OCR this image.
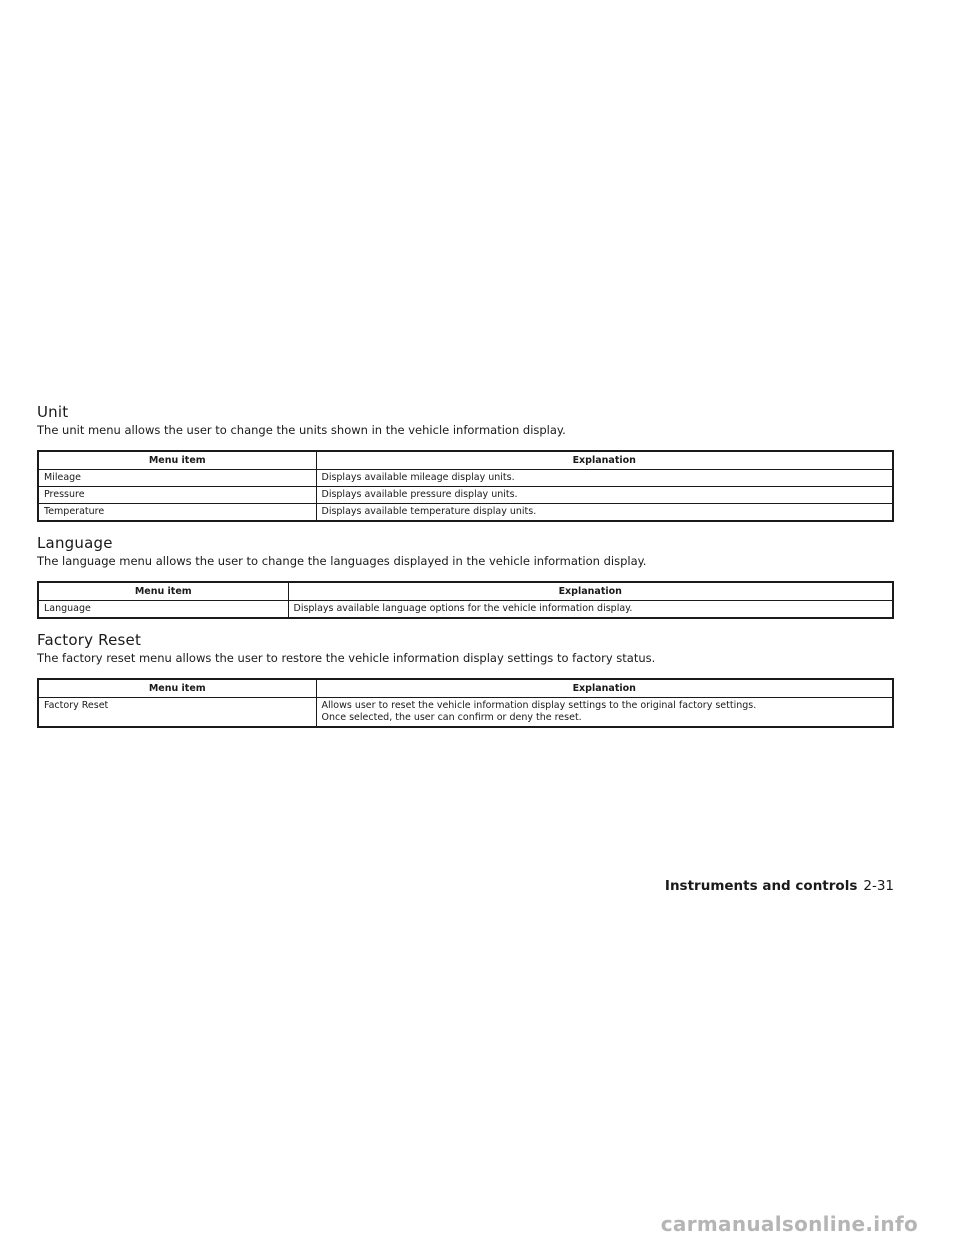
Unit

The unit menu allows the user to change the units shown in the vehicle information display.

Menu item	Explanation
Mileage	Displays available mileage display units.
Pressure	Displays available pressure display units.
Temperature	Displays available temperature display units.
Language

The language menu allows the user to change the languages displayed in the vehicle information display.

Menu item	Explanation
Language	Displays available language options for the vehicle information display.
Factory Reset

The factory reset menu allows the user to restore the vehicle information display settings to factory status.

Menu item	Explanation
Factory Reset	Allows user to reset the vehicle information display settings to the original factory settings.
Once selected, the user can confirm or deny the reset.
Instruments and controls 2-31
carmanualsonline.info
